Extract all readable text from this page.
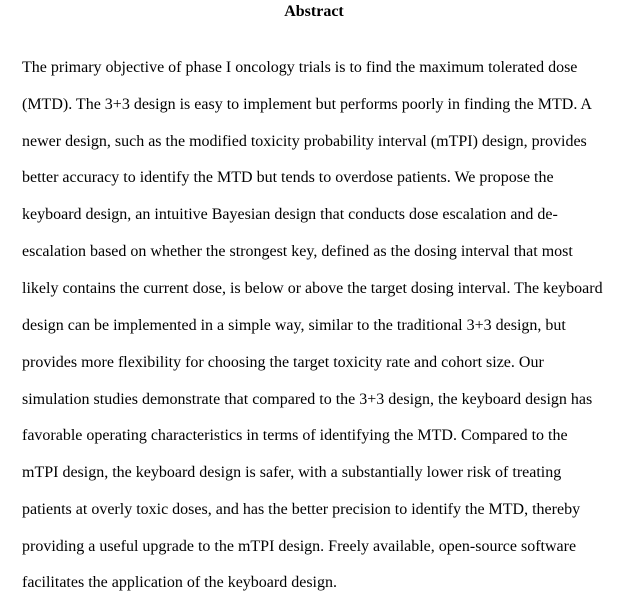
Abstract
The primary objective of phase I oncology trials is to find the maximum tolerated dose
(MTD). The 3+3 design is easy to implement but performs poorly in finding the MTD. A
newer design, such as the modified toxicity probability interval (mTPI) design, provides
better accuracy to identify the MTD but tends to overdose patients. We propose the
keyboard design, an intuitive Bayesian design that conducts dose escalation and de-
escalation based on whether the strongest key, defined as the dosing interval that most
likely contains the current dose, is below or above the target dosing interval. The keyboard
design can be implemented in a simple way, similar to the traditional 3+3 design, but
provides more flexibility for choosing the target toxicity rate and cohort size. Our
simulation studies demonstrate that compared to the 3+3 design, the keyboard design has
favorable operating characteristics in terms of identifying the MTD. Compared to the
mTPI design, the keyboard design is safer, with a substantially lower risk of treating
patients at overly toxic doses, and has the better precision to identify the MTD, thereby
providing a useful upgrade to the mTPI design. Freely available, open-source software
facilitates the application of the keyboard design.
